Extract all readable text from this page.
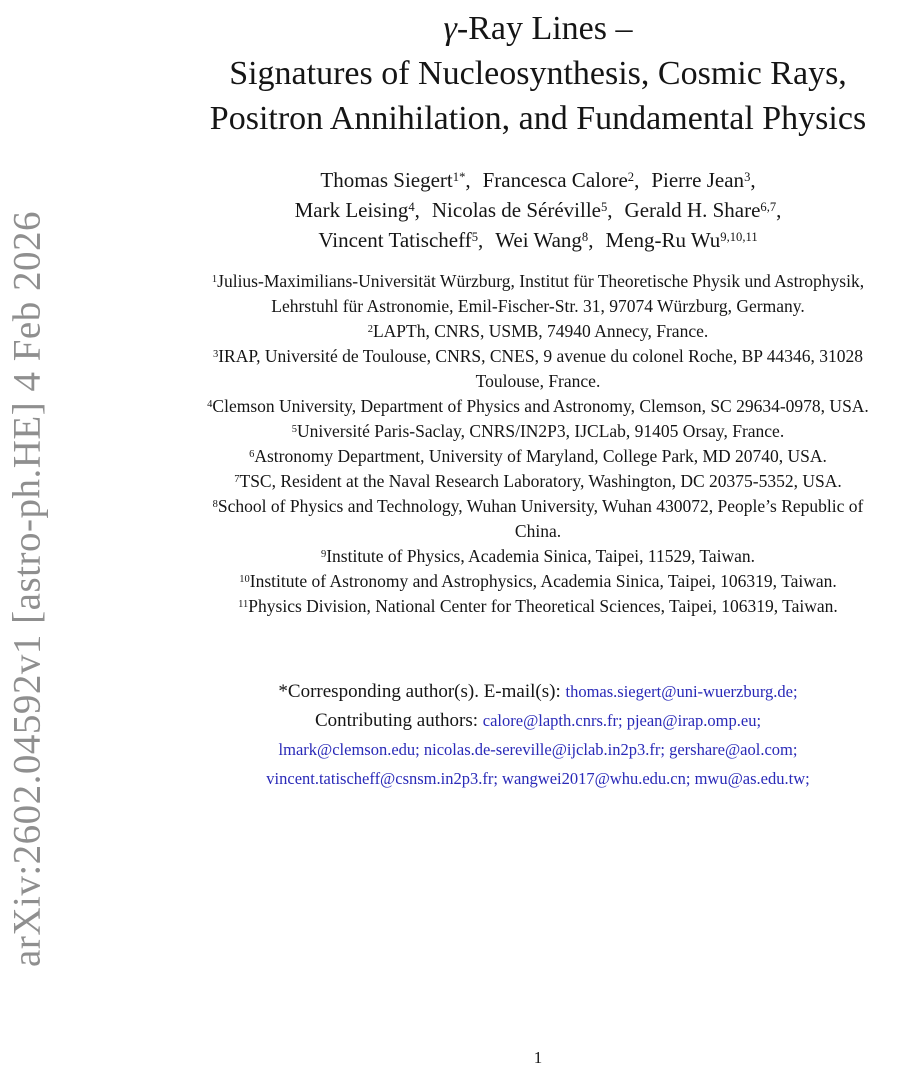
arXiv:2602.04592v1 [astro-ph.HE] 4 Feb 2026
γ-Ray Lines –
Signatures of Nucleosynthesis, Cosmic Rays,
Positron Annihilation, and Fundamental Physics
Thomas Siegert$^{1*}$, Francesca Calore$^2$, Pierre Jean$^3$,
Mark Leising$^4$, Nicolas de Séréville$^5$, Gerald H. Share$^{6,7}$,
Vincent Tatischeff$^5$, Wei Wang$^8$, Meng-Ru Wu$^{9,10,11}$
$^1$Julius-Maximilians-Universität Würzburg, Institut für Theoretische Physik und Astrophysik, Lehrstuhl für Astronomie, Emil-Fischer-Str. 31, 97074 Würzburg, Germany.
$^2$LAPTh, CNRS, USMB, 74940 Annecy, France.
$^3$IRAP, Université de Toulouse, CNRS, CNES, 9 avenue du colonel Roche, BP 44346, 31028 Toulouse, France.
$^4$Clemson University, Department of Physics and Astronomy, Clemson, SC 29634-0978, USA.
$^5$Université Paris-Saclay, CNRS/IN2P3, IJCLab, 91405 Orsay, France.
$^6$Astronomy Department, University of Maryland, College Park, MD 20740, USA.
$^7$TSC, Resident at the Naval Research Laboratory, Washington, DC 20375-5352, USA.
$^8$School of Physics and Technology, Wuhan University, Wuhan 430072, People’s Republic of China.
$^9$Institute of Physics, Academia Sinica, Taipei, 11529, Taiwan.
$^{10}$Institute of Astronomy and Astrophysics, Academia Sinica, Taipei, 106319, Taiwan.
$^{11}$Physics Division, National Center for Theoretical Sciences, Taipei, 106319, Taiwan.
*Corresponding author(s). E-mail(s): thomas.siegert@uni-wuerzburg.de;
Contributing authors: calore@lapth.cnrs.fr; pjean@irap.omp.eu; lmark@clemson.edu; nicolas.de-sereville@ijclab.in2p3.fr; gershare@aol.com; vincent.tatischeff@csnsm.in2p3.fr; wangwei2017@whu.edu.cn; mwu@as.edu.tw;
1
